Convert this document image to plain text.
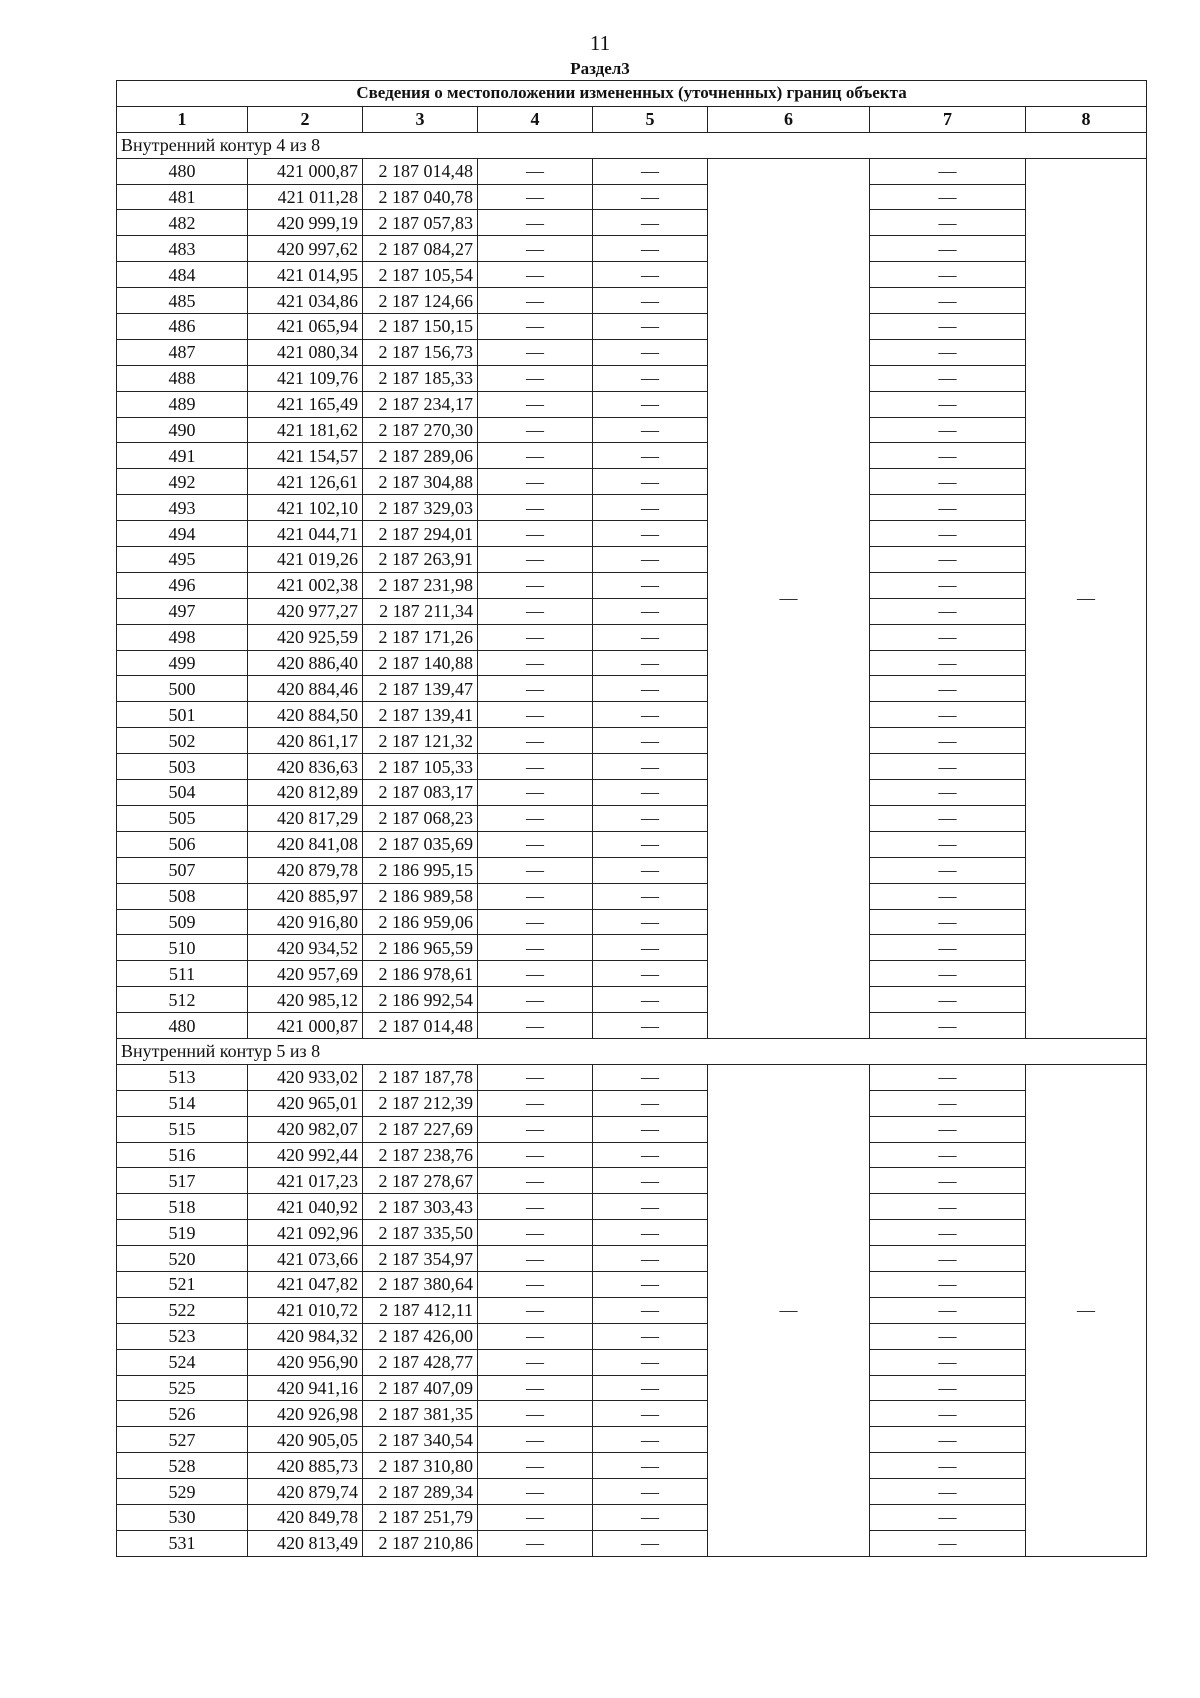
11
Раздел3
Сведения о местоположении измененных (уточненных) границ объекта							
1	2	3	4	5	6	7	8
Внутренний контур 4 из 8							
480	421 000,87	2 187 014,48	—	—	—	—	—
481	421 011,28	2 187 040,78	—	—		—	
482	420 999,19	2 187 057,83	—	—		—	
483	420 997,62	2 187 084,27	—	—		—	
484	421 014,95	2 187 105,54	—	—		—	
485	421 034,86	2 187 124,66	—	—		—	
486	421 065,94	2 187 150,15	—	—		—	
487	421 080,34	2 187 156,73	—	—		—	
488	421 109,76	2 187 185,33	—	—		—	
489	421 165,49	2 187 234,17	—	—		—	
490	421 181,62	2 187 270,30	—	—		—	
491	421 154,57	2 187 289,06	—	—		—	
492	421 126,61	2 187 304,88	—	—		—	
493	421 102,10	2 187 329,03	—	—		—	
494	421 044,71	2 187 294,01	—	—		—	
495	421 019,26	2 187 263,91	—	—		—	
496	421 002,38	2 187 231,98	—	—		—	
497	420 977,27	2 187 211,34	—	—		—	
498	420 925,59	2 187 171,26	—	—		—	
499	420 886,40	2 187 140,88	—	—		—	
500	420 884,46	2 187 139,47	—	—		—	
501	420 884,50	2 187 139,41	—	—		—	
502	420 861,17	2 187 121,32	—	—		—	
503	420 836,63	2 187 105,33	—	—		—	
504	420 812,89	2 187 083,17	—	—		—	
505	420 817,29	2 187 068,23	—	—		—	
506	420 841,08	2 187 035,69	—	—		—	
507	420 879,78	2 186 995,15	—	—		—	
508	420 885,97	2 186 989,58	—	—		—	
509	420 916,80	2 186 959,06	—	—		—	
510	420 934,52	2 186 965,59	—	—		—	
511	420 957,69	2 186 978,61	—	—		—	
512	420 985,12	2 186 992,54	—	—		—	
480	421 000,87	2 187 014,48	—	—		—	
Внутренний контур 5 из 8							
513	420 933,02	2 187 187,78	—	—	—	—	—
514	420 965,01	2 187 212,39	—	—		—	
515	420 982,07	2 187 227,69	—	—		—	
516	420 992,44	2 187 238,76	—	—		—	
517	421 017,23	2 187 278,67	—	—		—	
518	421 040,92	2 187 303,43	—	—		—	
519	421 092,96	2 187 335,50	—	—		—	
520	421 073,66	2 187 354,97	—	—		—	
521	421 047,82	2 187 380,64	—	—		—	
522	421 010,72	2 187 412,11	—	—		—	
523	420 984,32	2 187 426,00	—	—		—	
524	420 956,90	2 187 428,77	—	—		—	
525	420 941,16	2 187 407,09	—	—		—	
526	420 926,98	2 187 381,35	—	—		—	
527	420 905,05	2 187 340,54	—	—		—	
528	420 885,73	2 187 310,80	—	—		—	
529	420 879,74	2 187 289,34	—	—		—	
530	420 849,78	2 187 251,79	—	—		—	
531	420 813,49	2 187 210,86	—	—		—	
